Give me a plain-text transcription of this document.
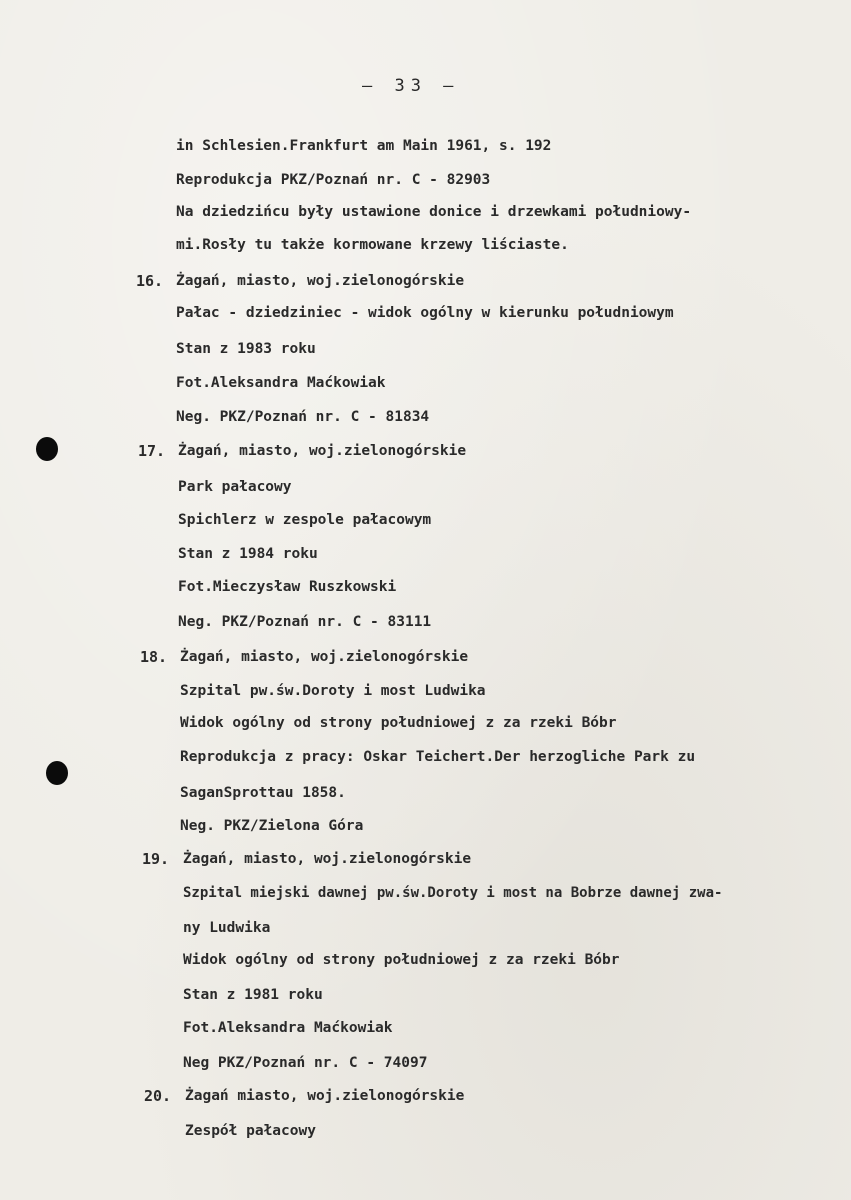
— 33 —
in Schlesien.Frankfurt am Main 1961, s. 192
Reprodukcja PKZ/Poznań nr. C - 82903
Na dziedzińcu były ustawione donice i drzewkami południowy-
mi.Rosły tu także kormowane krzewy liściaste.
16. Żagań, miasto, woj.zielonogórskie
Pałac - dziedziniec - widok ogólny w kierunku południowym
Stan z 1983 roku
Fot.Aleksandra Maćkowiak
Neg. PKZ/Poznań nr. C - 81834
17. Żagań, miasto, woj.zielonogórskie
Park pałacowy
Spichlerz w zespole pałacowym
Stan z 1984 roku
Fot.Mieczysław Ruszkowski
Neg. PKZ/Poznań nr. C - 83111
18. Żagań, miasto, woj.zielonogórskie
Szpital pw.św.Doroty i most Ludwika
Widok ogólny od strony południowej z za rzeki Bóbr
Reprodukcja z pracy: Oskar Teichert.Der herzogliche Park zu
SaganSprottau 1858.
Neg. PKZ/Zielona Góra
19. Żagań, miasto, woj.zielonogórskie
Szpital miejski dawnej pw.św.Doroty i most na Bobrze dawnej zwa-
ny Ludwika
Widok ogólny od strony południowej z za rzeki Bóbr
Stan z 1981 roku
Fot.Aleksandra Maćkowiak
Neg PKZ/Poznań nr. C - 74097
20. Żagań miasto, woj.zielonogórskie
Zespół pałacowy
